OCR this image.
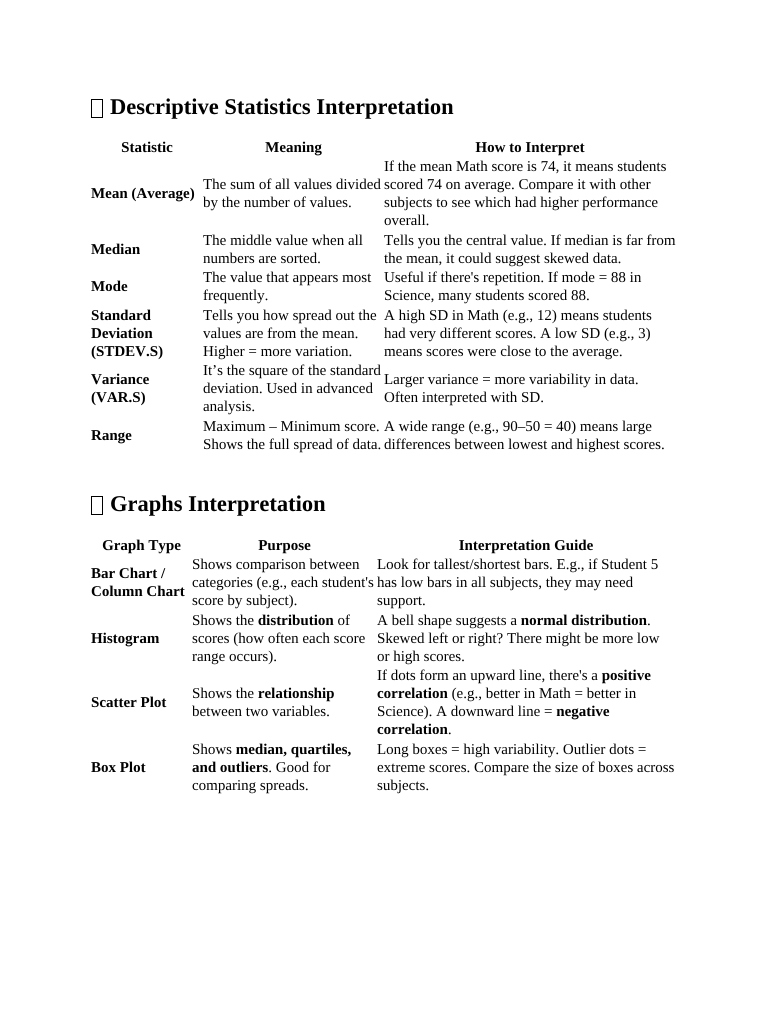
Descriptive Statistics Interpretation
Statistic	Meaning	How to Interpret
Mean (Average)	The sum of all values divided by the number of values.	If the mean Math score is 74, it means students scored 74 on average. Compare it with other subjects to see which had higher performance overall.
Median	The middle value when all numbers are sorted.	Tells you the central value. If median is far from the mean, it could suggest skewed data.
Mode	The value that appears most frequently.	Useful if there's repetition. If mode = 88 in Science, many students scored 88.
Standard Deviation (STDEV.S)	Tells you how spread out the values are from the mean. Higher = more variation.	A high SD in Math (e.g., 12) means students had very different scores. A low SD (e.g., 3) means scores were close to the average.
Variance (VAR.S)	It’s the square of the standard deviation. Used in advanced analysis.	Larger variance = more variability in data. Often interpreted with SD.
Range	Maximum – Minimum score. Shows the full spread of data.	A wide range (e.g., 90–50 = 40) means large differences between lowest and highest scores.
Graphs Interpretation
Graph Type	Purpose	Interpretation Guide
Bar Chart / Column Chart	Shows comparison between categories (e.g., each student's score by subject).	Look for tallest/shortest bars. E.g., if Student 5 has low bars in all subjects, they may need support.
Histogram	Shows the distribution of scores (how often each score range occurs).	A bell shape suggests a normal distribution. Skewed left or right? There might be more low or high scores.
Scatter Plot	Shows the relationship between two variables.	If dots form an upward line, there's a positive correlation (e.g., better in Math = better in Science). A downward line = negative correlation.
Box Plot	Shows median, quartiles, and outliers. Good for comparing spreads.	Long boxes = high variability. Outlier dots = extreme scores. Compare the size of boxes across subjects.
